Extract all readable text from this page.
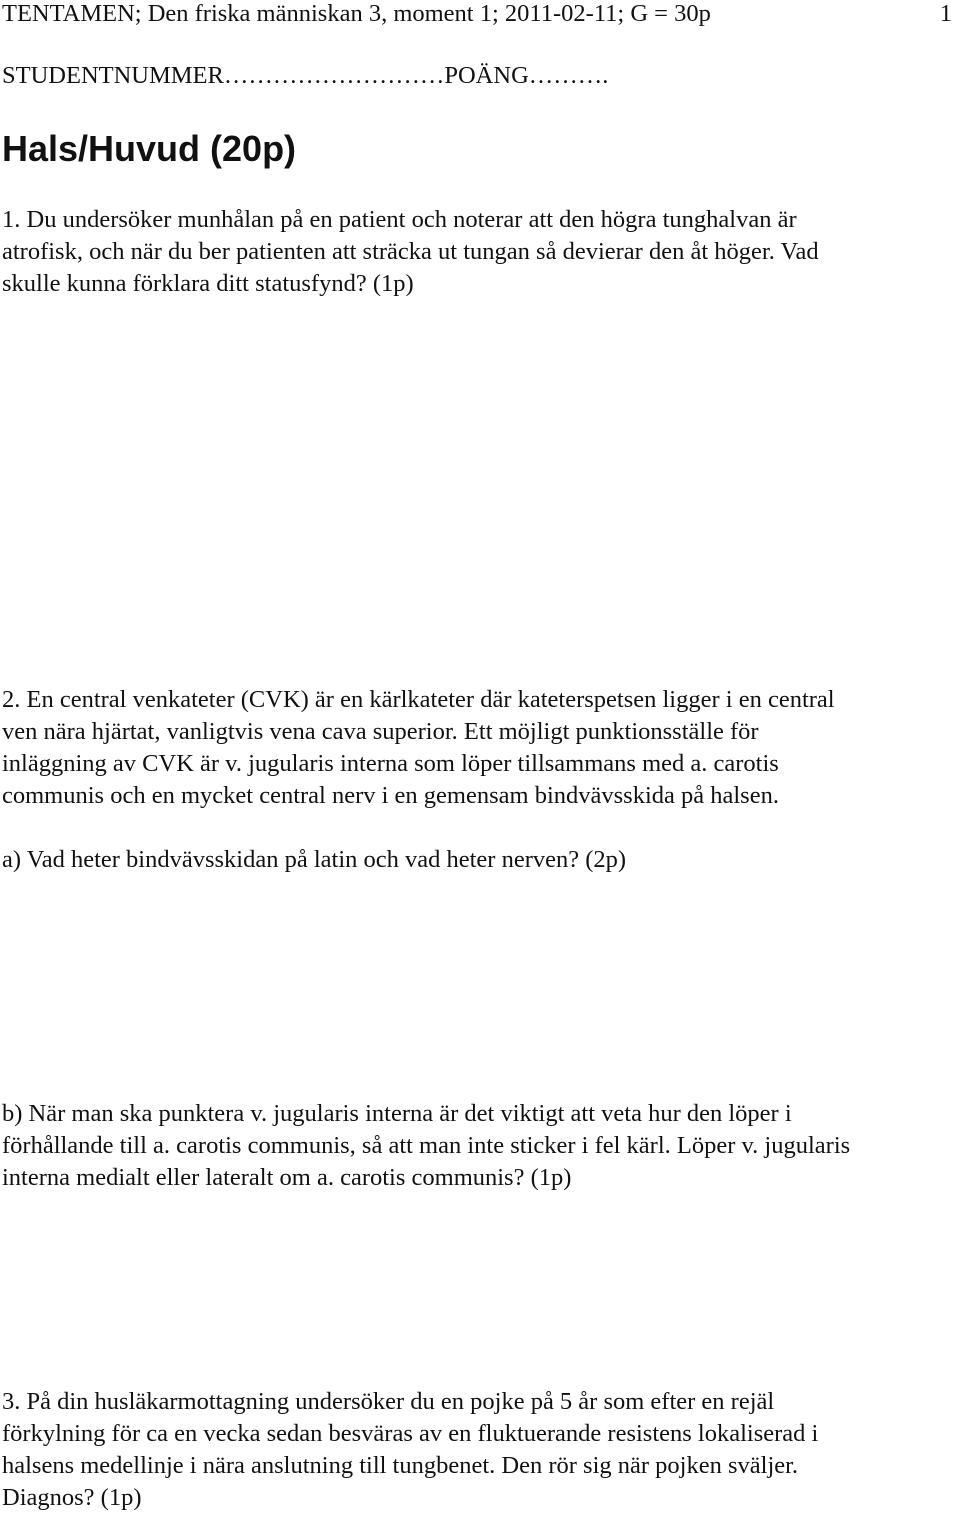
TENTAMEN; Den friska människan 3, moment 1; 2011-02-11; G = 30p	1
STUDENTNUMMER………………………POÄNG……….
Hals/Huvud (20p)
1. Du undersöker munhålan på en patient och noterar att den högra tunghalvan är
atrofisk, och när du ber patienten att sträcka ut tungan så devierar den åt höger. Vad
skulle kunna förklara ditt statusfynd? (1p)
2. En central venkateter (CVK) är en kärlkateter där kateterspetsen ligger i en central
ven nära hjärtat, vanligtvis vena cava superior. Ett möjligt punktionsställe för
inläggning av CVK är v. jugularis interna som löper tillsammans med a. carotis
communis och en mycket central nerv i en gemensam bindvävsskida på halsen.
a) Vad heter bindvävsskidan på latin och vad heter nerven? (2p)
b) När man ska punktera v. jugularis interna är det viktigt att veta hur den löper i
förhållande till a. carotis communis, så att man inte sticker i fel kärl. Löper v. jugularis
interna medialt eller lateralt om a. carotis communis? (1p)
3. På din husläkarmottagning undersöker du en pojke på 5 år som efter en rejäl
förkylning för ca en vecka sedan besväras av en fluktuerande resistens lokaliserad i
halsens medellinje i nära anslutning till tungbenet. Den rör sig när pojken sväljer.
Diagnos? (1p)
